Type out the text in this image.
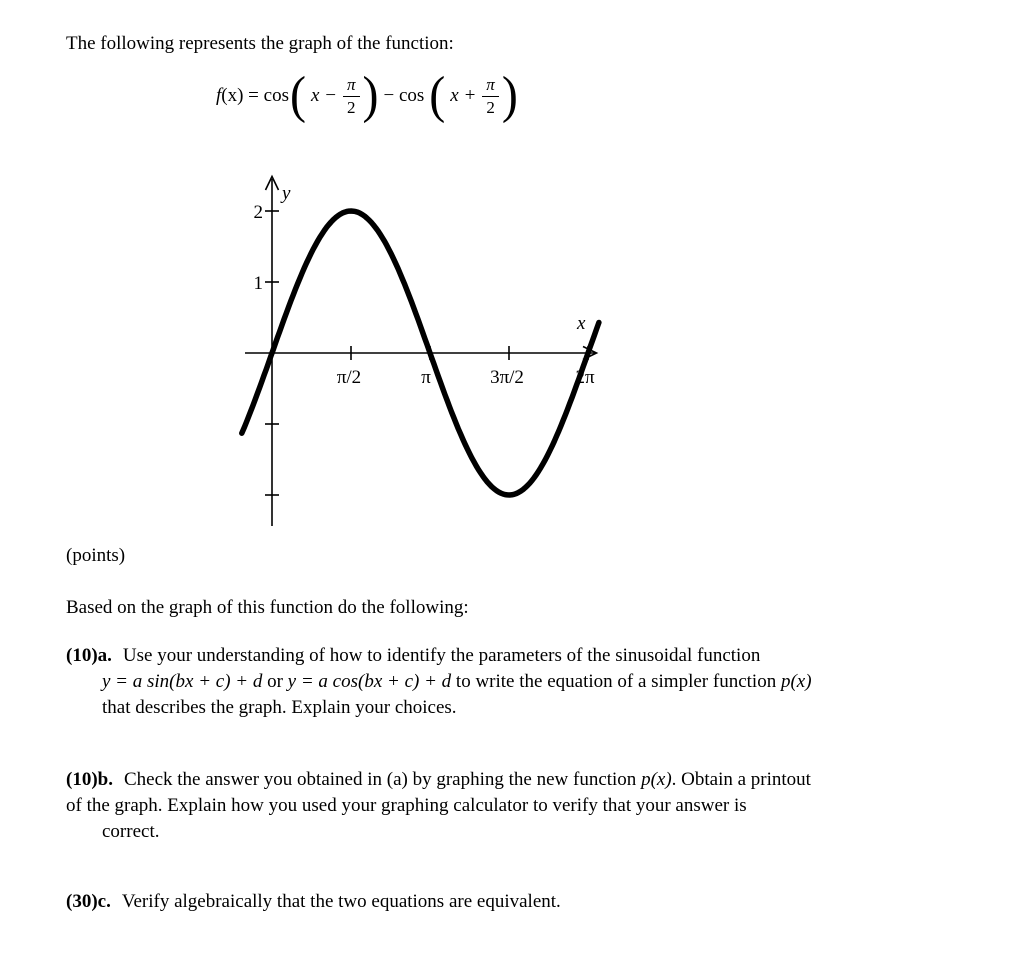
The following represents the graph of the function:

f(x) = cos ( $x - \frac{\pi}{2}$ ) − cos ( $x + \frac{\pi}{2}$ )
y
x
2
1
π/2	π	3π/2	2π

(points)

Based on the graph of this function do the following:

(10)a. Use your understanding of how to identify the parameters of the sinusoidal function

y = a sin(bx + c) + d or y = a cos(bx + c) + d to write the equation of a simpler function p(x)

that describes the graph. Explain your choices.

(10)b. Check the answer you obtained in (a) by graphing the new function p(x). Obtain a printout

of the graph. Explain how you used your graphing calculator to verify that your answer is

correct.

(30)c. Verify algebraically that the two equations are equivalent.
